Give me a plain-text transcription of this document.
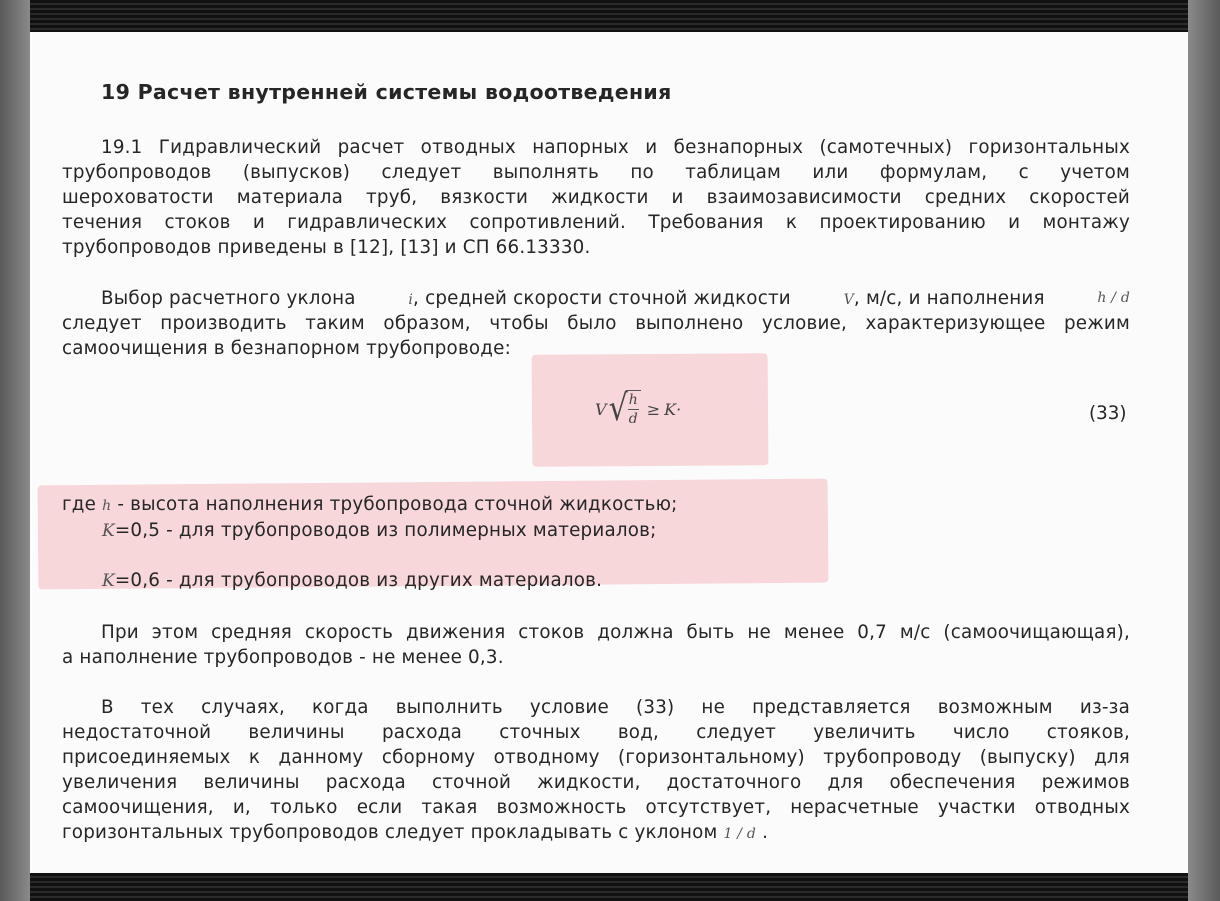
19 Расчет внутренней системы водоотведения
19.1 Гидравлический расчет отводных напорных и безнапорных (самотечных) горизонтальных
трубопроводов (выпусков) следует выполнять по таблицам или формулам, с учетом
шероховатости материала труб, вязкости жидкости и взаимозависимости средних скоростей
течения стоков и гидравлических сопротивлений. Требования к проектированию и монтажу
трубопроводов приведены в [12], [13] и СП 66.13330.
Выбор расчетного уклона	i, средней скорости сточной жидкости	V, м/с, и наполнения	h / d
следует производить таким образом, чтобы было выполнено условие, характеризующее режим
самоочищения в безнапорном трубопроводе:
V √
$\frac{h}{d} \ge K$ ·	(33)
где h - высота наполнения трубопровода сточной жидкостью;
K=0,5 - для трубопроводов из полимерных материалов;
K=0,6 - для трубопроводов из других материалов.
При этом средняя скорость движения стоков должна быть не менее 0,7 м/с (самоочищающая),
а наполнение трубопроводов - не менее 0,3.
В тех случаях, когда выполнить условие (33) не представляется возможным из-за
недостаточной величины расхода сточных вод, следует увеличить число стояков,
присоединяемых к данному сборному отводному (горизонтальному) трубопроводу (выпуску) для
увеличения величины расхода сточной жидкости, достаточного для обеспечения режимов
самоочищения, и, только если такая возможность отсутствует, нерасчетные участки отводных
горизонтальных трубопроводов следует прокладывать с уклоном 1 / d .
